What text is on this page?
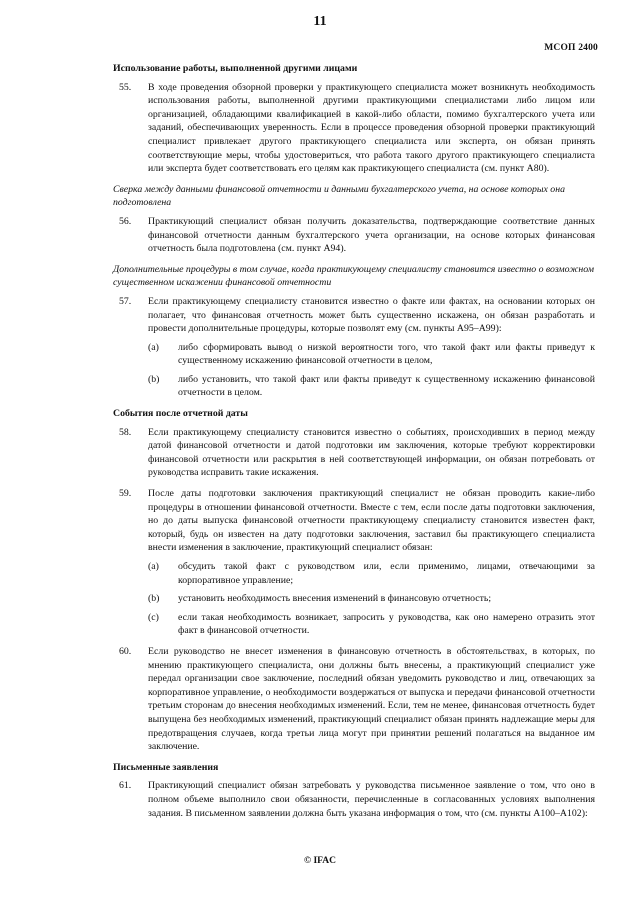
11
МСОП 2400
Использование работы, выполненной другими лицами
55. В ходе проведения обзорной проверки у практикующего специалиста может возникнуть необходимость использования работы, выполненной другими практикующими специалистами либо лицом или организацией, обладающими квалификацией в какой-либо области, помимо бухгалтерского учета или заданий, обеспечивающих уверенность. Если в процессе проведения обзорной проверки практикующий специалист привлекает другого практикующего специалиста или эксперта, он обязан принять соответствующие меры, чтобы удостовериться, что работа такого другого практикующего специалиста или эксперта будет соответствовать его целям как практикующего специалиста (см. пункт A80).
Сверка между данными финансовой отчетности и данными бухгалтерского учета, на основе которых она подготовлена
56. Практикующий специалист обязан получить доказательства, подтверждающие соответствие данных финансовой отчетности данным бухгалтерского учета организации, на основе которых финансовая отчетность была подготовлена (см. пункт A94).
Дополнительные процедуры в том случае, когда практикующему специалисту становится известно о возможном существенном искажении финансовой отчетности
57. Если практикующему специалисту становится известно о факте или фактах, на основании которых он полагает, что финансовая отчетность может быть существенно искажена, он обязан разработать и провести дополнительные процедуры, которые позволят ему (см. пункты A95–A99):
(a) либо сформировать вывод о низкой вероятности того, что такой факт или факты приведут к существенному искажению финансовой отчетности в целом,
(b) либо установить, что такой факт или факты приведут к существенному искажению финансовой отчетности в целом.
События после отчетной даты
58. Если практикующему специалисту становится известно о событиях, происходивших в период между датой финансовой отчетности и датой подготовки им заключения, которые требуют корректировки финансовой отчетности или раскрытия в ней соответствующей информации, он обязан потребовать от руководства исправить такие искажения.
59. После даты подготовки заключения практикующий специалист не обязан проводить какие-либо процедуры в отношении финансовой отчетности. Вместе с тем, если после даты подготовки заключения, но до даты выпуска финансовой отчетности практикующему специалисту становится известен факт, который, будь он известен на дату подготовки заключения, заставил бы практикующего специалиста внести изменения в заключение, практикующий специалист обязан:
(a) обсудить такой факт с руководством или, если применимо, лицами, отвечающими за корпоративное управление;
(b) установить необходимость внесения изменений в финансовую отчетность;
(c) если такая необходимость возникает, запросить у руководства, как оно намерено отразить этот факт в финансовой отчетности.
60. Если руководство не внесет изменения в финансовую отчетность в обстоятельствах, в которых, по мнению практикующего специалиста, они должны быть внесены, а практикующий специалист уже передал организации свое заключение, последний обязан уведомить руководство и лиц, отвечающих за корпоративное управление, о необходимости воздержаться от выпуска и передачи финансовой отчетности третьим сторонам до внесения необходимых изменений. Если, тем не менее, финансовая отчетность будет выпущена без необходимых изменений, практикующий специалист обязан принять надлежащие меры для предотвращения случаев, когда третьи лица могут при принятии решений полагаться на выданное им заключение.
Письменные заявления
61. Практикующий специалист обязан затребовать у руководства письменное заявление о том, что оно в полном объеме выполнило свои обязанности, перечисленные в согласованных условиях выполнения задания. В письменном заявлении должна быть указана информация о том, что (см. пункты A100–A102):
© IFAC
